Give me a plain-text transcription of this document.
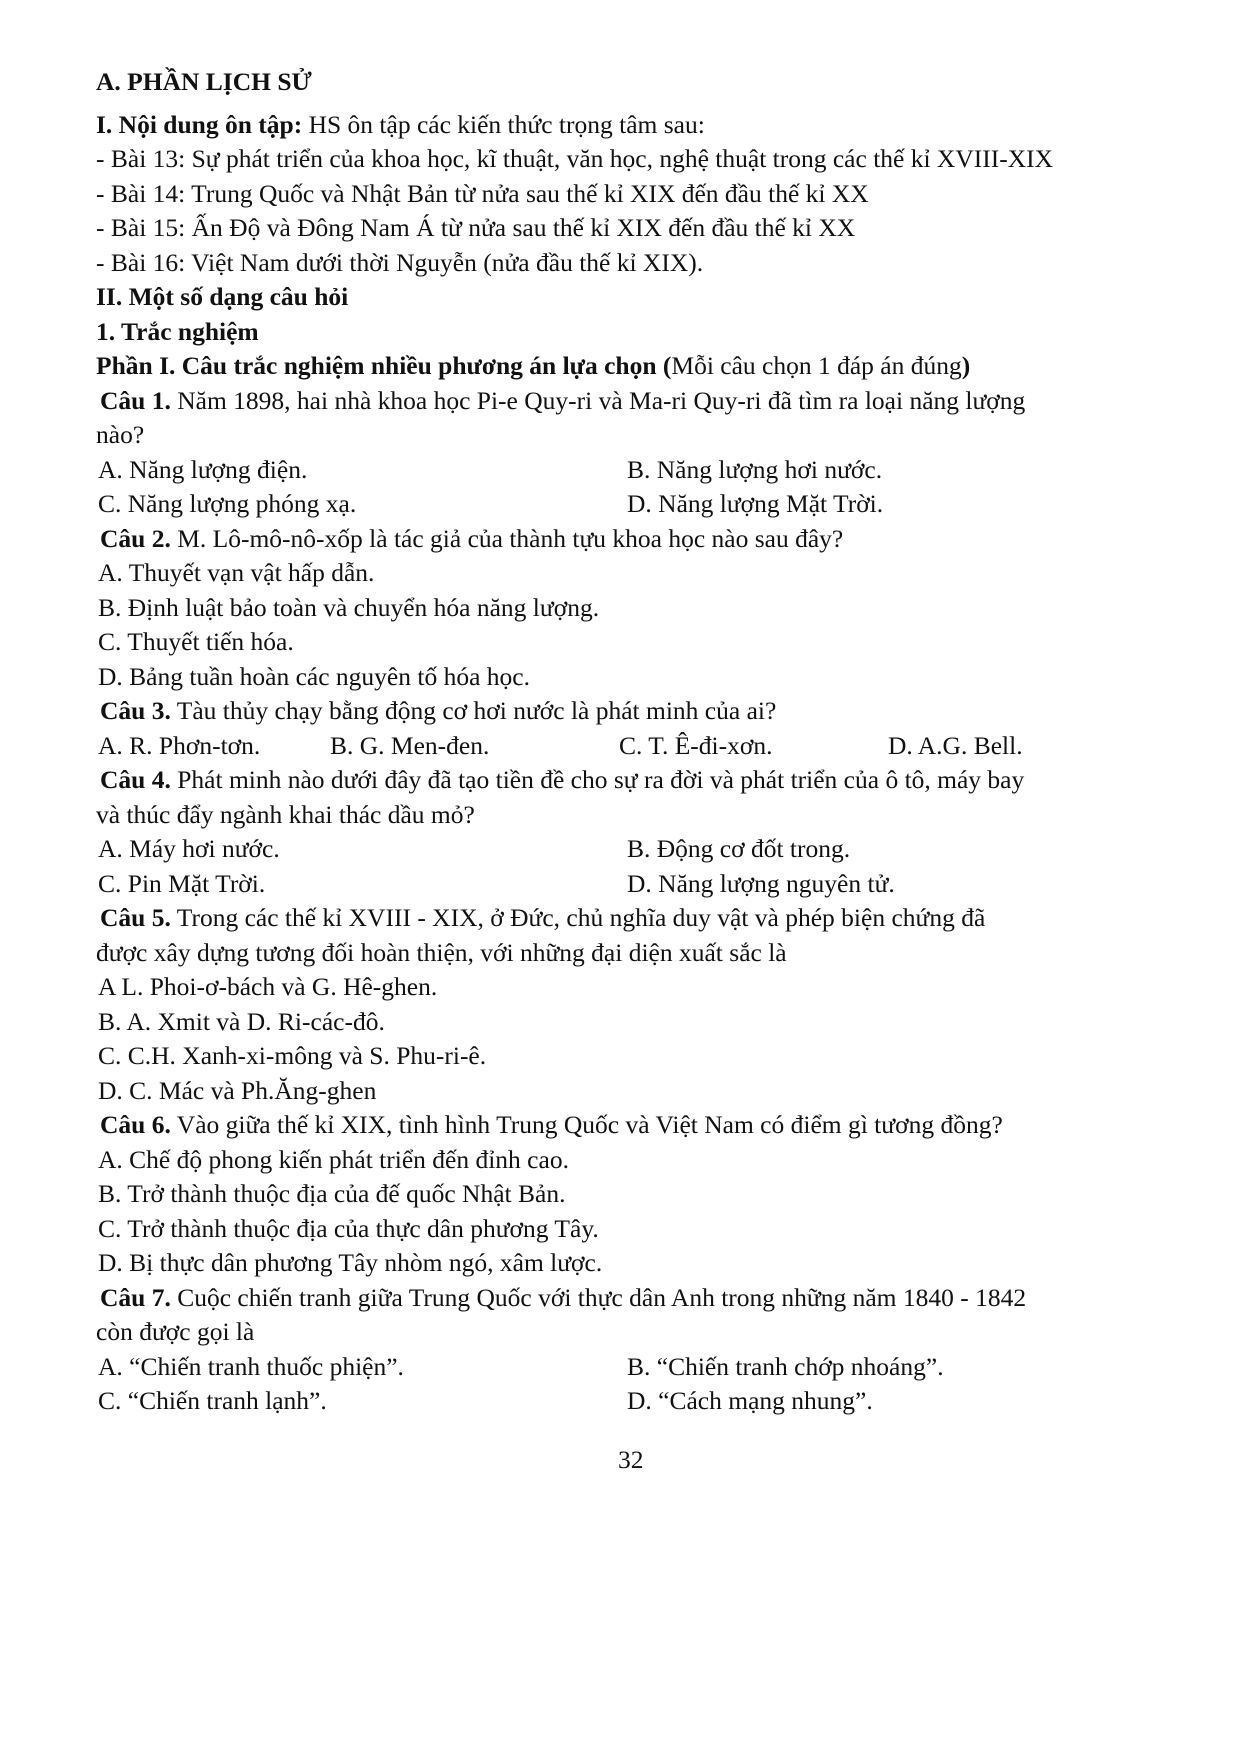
A. PHẦN LỊCH SỬ
I. Nội dung ôn tập: HS ôn tập các kiến thức trọng tâm sau:
- Bài 13: Sự phát triển của khoa học, kĩ thuật, văn học, nghệ thuật trong các thế kỉ XVIII-XIX
- Bài 14: Trung Quốc và Nhật Bản từ nửa sau thế kỉ XIX đến đầu thế kỉ XX
- Bài 15: Ấn Độ và Đông Nam Á từ nửa sau thế kỉ XIX đến đầu thế kỉ XX
- Bài 16: Việt Nam dưới thời Nguyễn (nửa đầu thế kỉ XIX).
II. Một số dạng câu hỏi
1. Trắc nghiệm
Phần I. Câu trắc nghiệm nhiều phương án lựa chọn (Mỗi câu chọn 1 đáp án đúng)
Câu 1. Năm 1898, hai nhà khoa học Pi-e Quy-ri và Ma-ri Quy-ri đã tìm ra loại năng lượng
nào?
A. Năng lượng điện.	B. Năng lượng hơi nước.
C. Năng lượng phóng xạ.	D. Năng lượng Mặt Trời.
Câu 2. M. Lô-mô-nô-xốp là tác giả của thành tựu khoa học nào sau đây?
A. Thuyết vạn vật hấp dẫn.
B. Định luật bảo toàn và chuyển hóa năng lượng.
C. Thuyết tiến hóa.
D. Bảng tuần hoàn các nguyên tố hóa học.
Câu 3. Tàu thủy chạy bằng động cơ hơi nước là phát minh của ai?
A. R. Phơn-tơn.	B. G. Men-đen.	C. T. Ê-đi-xơn.	D. A.G. Bell.
Câu 4. Phát minh nào dưới đây đã tạo tiền đề cho sự ra đời và phát triển của ô tô, máy bay
và thúc đẩy ngành khai thác dầu mỏ?
A. Máy hơi nước.	B. Động cơ đốt trong.
C. Pin Mặt Trời.	D. Năng lượng nguyên tử.
Câu 5. Trong các thế kỉ XVIII - XIX, ở Đức, chủ nghĩa duy vật và phép biện chứng đã
được xây dựng tương đối hoàn thiện, với những đại diện xuất sắc là
A L. Phoi-ơ-bách và G. Hê-ghen.
B. A. Xmit và D. Ri-các-đô.
C. C.H. Xanh-xi-mông và S. Phu-ri-ê.
D. C. Mác và Ph.Ăng-ghen
Câu 6. Vào giữa thế kỉ XIX, tình hình Trung Quốc và Việt Nam có điểm gì tương đồng?
A. Chế độ phong kiến phát triển đến đỉnh cao.
B. Trở thành thuộc địa của đế quốc Nhật Bản.
C. Trở thành thuộc địa của thực dân phương Tây.
D. Bị thực dân phương Tây nhòm ngó, xâm lược.
Câu 7. Cuộc chiến tranh giữa Trung Quốc với thực dân Anh trong những năm 1840 - 1842
còn được gọi là
A. “Chiến tranh thuốc phiện”.	B. “Chiến tranh chớp nhoáng”.
C. “Chiến tranh lạnh”.	D. “Cách mạng nhung”.
32
